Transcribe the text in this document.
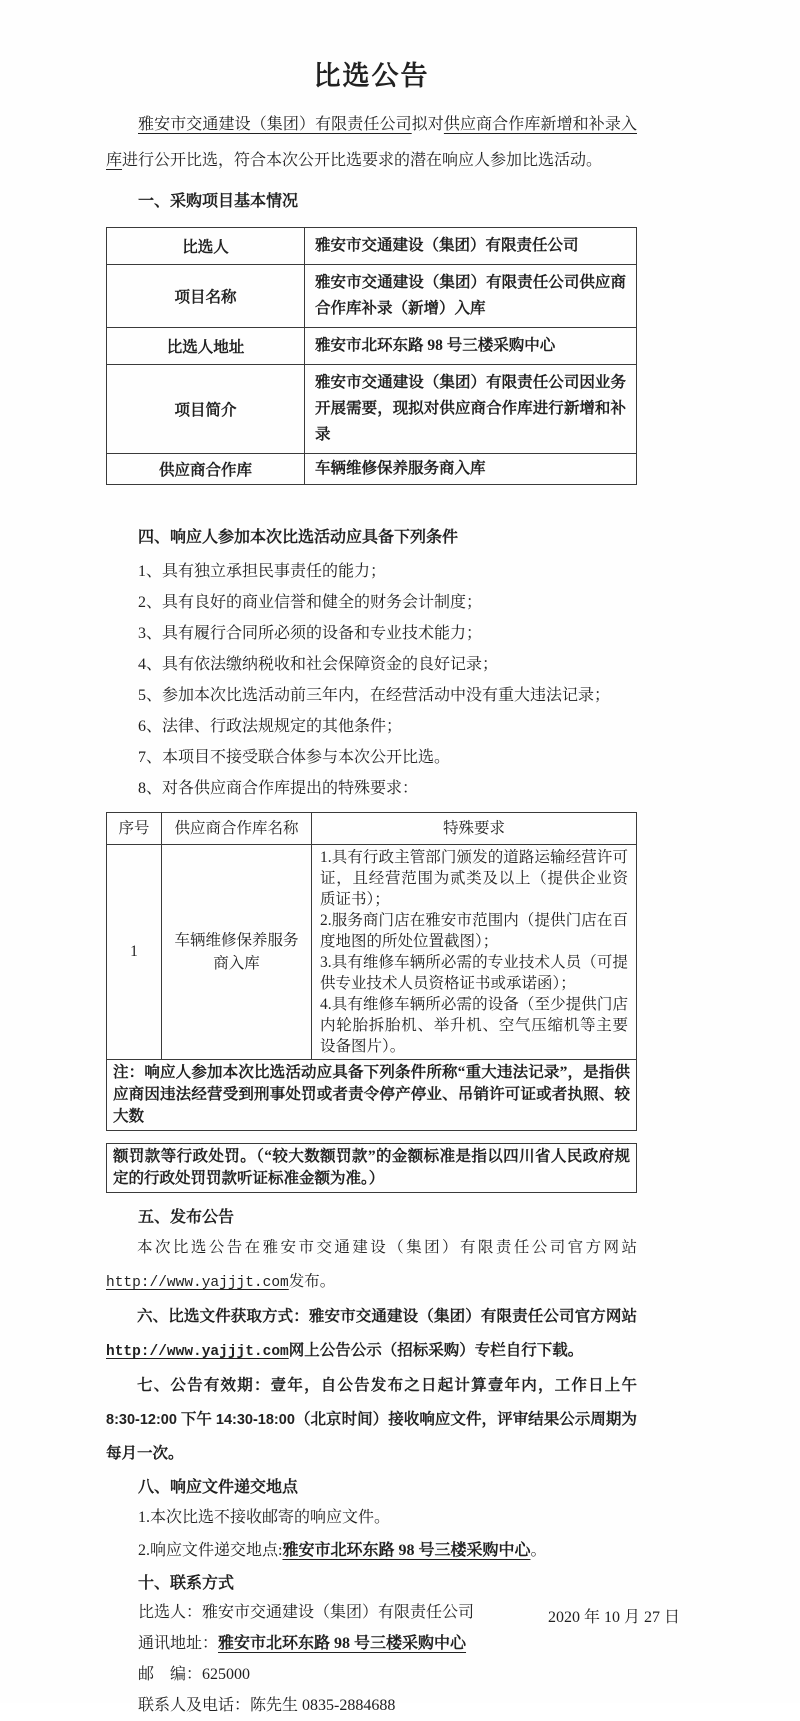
比选公告

雅安市交通建设（集团）有限责任公司拟对供应商合作库新增和补录入库进行公开比选，符合本次公开比选要求的潜在响应人参加比选活动。

一、采购项目基本情况
比选人	雅安市交通建设（集团）有限责任公司
项目名称	雅安市交通建设（集团）有限责任公司供应商合作库补录（新增）入库
比选人地址	雅安市北环东路 98 号三楼采购中心
项目简介	雅安市交通建设（集团）有限责任公司因业务开展需要，现拟对供应商合作库进行新增和补录
供应商合作库	车辆维修保养服务商入库
四、响应人参加本次比选活动应具备下列条件
1、具有独立承担民事责任的能力；
2、具有良好的商业信誉和健全的财务会计制度；
3、具有履行合同所必须的设备和专业技术能力；
4、具有依法缴纳税收和社会保障资金的良好记录；
5、参加本次比选活动前三年内，在经营活动中没有重大违法记录；
6、法律、行政法规规定的其他条件；
7、本项目不接受联合体参与本次公开比选。
8、对各供应商合作库提出的特殊要求：
序号	供应商合作库名称	特殊要求
1	车辆维修保养服务商入库	1.具有行政主管部门颁发的道路运输经营许可证，且经营范围为贰类及以上（提供企业资质证书）；
2.服务商门店在雅安市范围内（提供门店在百度地图的所处位置截图）；
3.具有维修车辆所必需的专业技术人员（可提供专业技术人员资格证书或承诺函）；
4.具有维修车辆所必需的设备（至少提供门店内轮胎拆胎机、举升机、空气压缩机等主要设备图片）。
注：响应人参加本次比选活动应具备下列条件所称“重大违法记录”，是指供应商因违法经营受到刑事处罚或者责令停产停业、吊销许可证或者执照、较大数
额罚款等行政处罚。（“较大数额罚款”的金额标准是指以四川省人民政府规定的行政处罚罚款听证标准金额为准。）
五、发布公告

本次比选公告在雅安市交通建设（集团）有限责任公司官方网站http://www.yajjjt.com发布。

六、比选文件获取方式：雅安市交通建设（集团）有限责任公司官方网站http://www.yajjjt.com网上公告公示（招标采购）专栏自行下载。

七、公告有效期：壹年，自公告发布之日起计算壹年内，工作日上午 8:30-12:00 下午 14:30-18:00（北京时间）接收响应文件，评审结果公示周期为每月一次。

八、响应文件递交地点
1.本次比选不接收邮寄的响应文件。
2.响应文件递交地点:雅安市北环东路 98 号三楼采购中心。
十、联系方式
比选人：雅安市交通建设（集团）有限责任公司
通讯地址：雅安市北环东路 98 号三楼采购中心
邮　编：625000
联系人及电话：陈先生 0835-2884688
2020 年 10 月 27 日
